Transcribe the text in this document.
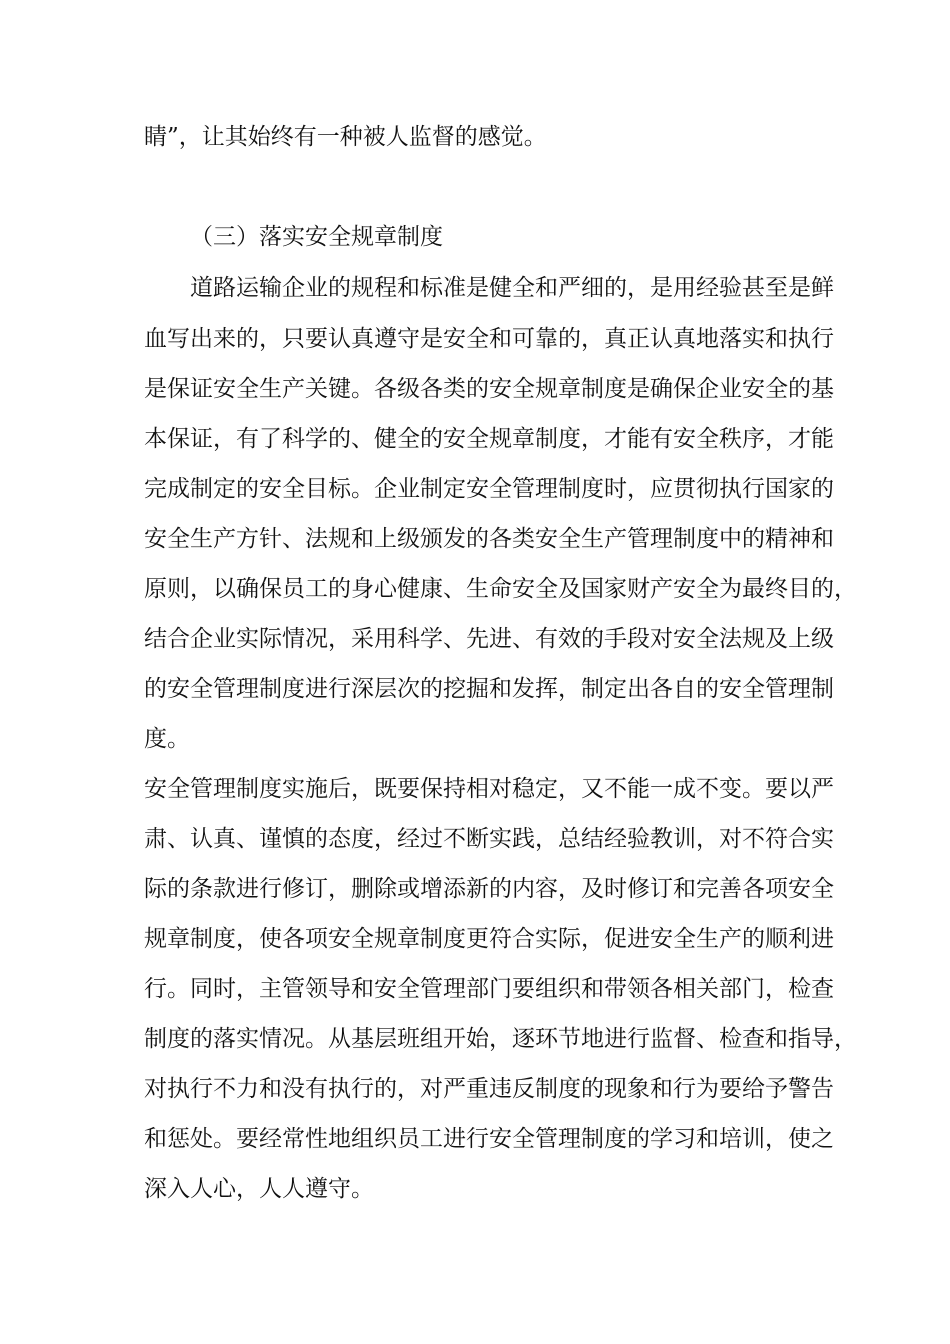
睛”，让其始终有一种被人监督的感觉。
（三）落实安全规章制度
道路运输企业的规程和标准是健全和严细的，是用经验甚至是鲜
血写出来的，只要认真遵守是安全和可靠的，真正认真地落实和执行
是保证安全生产关键。各级各类的安全规章制度是确保企业安全的基
本保证，有了科学的、健全的安全规章制度，才能有安全秩序，才能
完成制定的安全目标。企业制定安全管理制度时，应贯彻执行国家的
安全生产方针、法规和上级颁发的各类安全生产管理制度中的精神和
原则，以确保员工的身心健康、生命安全及国家财产安全为最终目的，
结合企业实际情况，采用科学、先进、有效的手段对安全法规及上级
的安全管理制度进行深层次的挖掘和发挥，制定出各自的安全管理制
度。
安全管理制度实施后，既要保持相对稳定，又不能一成不变。要以严
肃、认真、谨慎的态度，经过不断实践，总结经验教训，对不符合实
际的条款进行修订，删除或增添新的内容，及时修订和完善各项安全
规章制度，使各项安全规章制度更符合实际，促进安全生产的顺利进
行。同时，主管领导和安全管理部门要组织和带领各相关部门，检查
制度的落实情况。从基层班组开始，逐环节地进行监督、检查和指导，
对执行不力和没有执行的，对严重违反制度的现象和行为要给予警告
和惩处。要经常性地组织员工进行安全管理制度的学习和培训，使之
深入人心，人人遵守。
